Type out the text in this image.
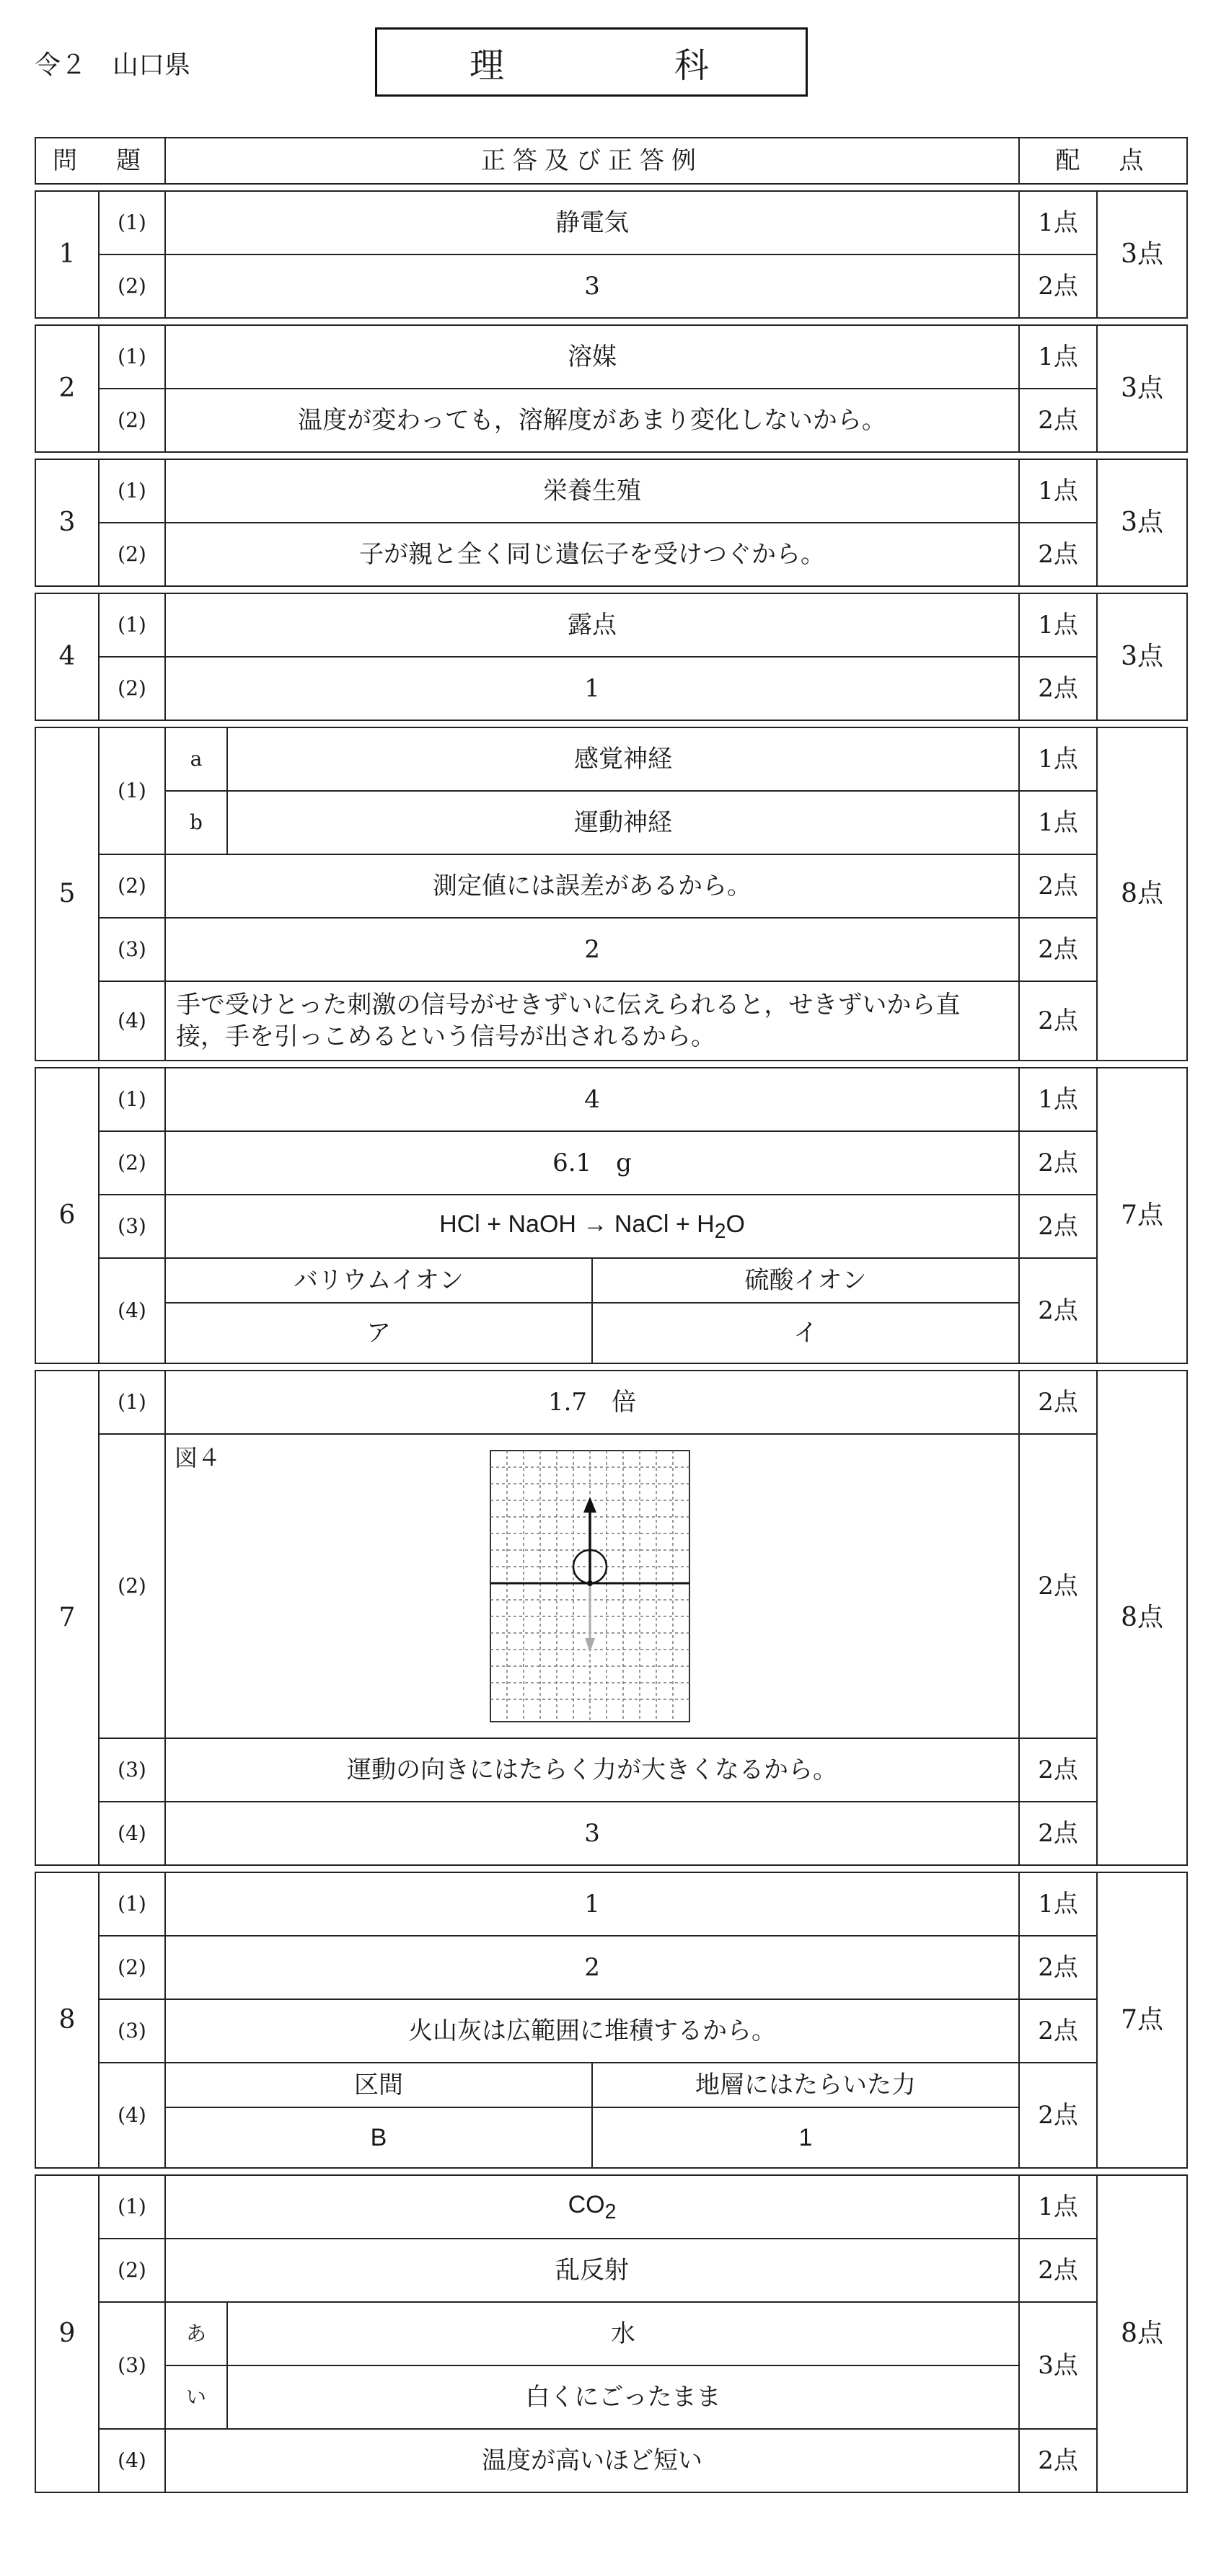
令２　山口県	理	科
問　題		正答及び正答例			配　点	

1	(1)	静電気			1点	3点
	(2)	3			2点	

2	(1)	溶媒			1点	3点
	(2)	温度が変わっても，溶解度があまり変化しないから。			2点	

3	(1)	栄養生殖			1点	3点
	(2)	子が親と全く同じ遺伝子を受けつぐから。			2点	

4	(1)	露点			1点	3点
	(2)	1			2点	

5	(1)	a	感覚神経		1点	8点
		b	運動神経		1点	
	(2)	測定値には誤差があるから。			2点	
	(3)	2			2点	
	(4)	手で受けとった刺激の信号がせきずいに伝えられると，せきずいから直接，手を引っこめるという信号が出されるから。			2点	

6	(1)	4			1点	7点
	(2)	6.1　g			2点	
	(3)	HCl + NaOH → NaCl + $H_2O$			2点	
	(4)	バリウムイオン		硫酸イオン	2点	
		ア		イ		

7	(1)	1.7　倍			2点	8点
	(2)	図４			2点	
	(3)	運動の向きにはたらく力が大きくなるから。			2点	
	(4)	3			2点	

8	(1)	1			1点	7点
	(2)	2			2点	
	(3)	火山灰は広範囲に堆積するから。			2点	
	(4)	区間		地層にはたらいた力	2点	
		B		1		

9	(1)	$CO_2$			1点	8点
	(2)	乱反射			2点	
	(3)	あ	水		3点	
		い	白くにごったまま			
	(4)	温度が高いほど短い			2点	
